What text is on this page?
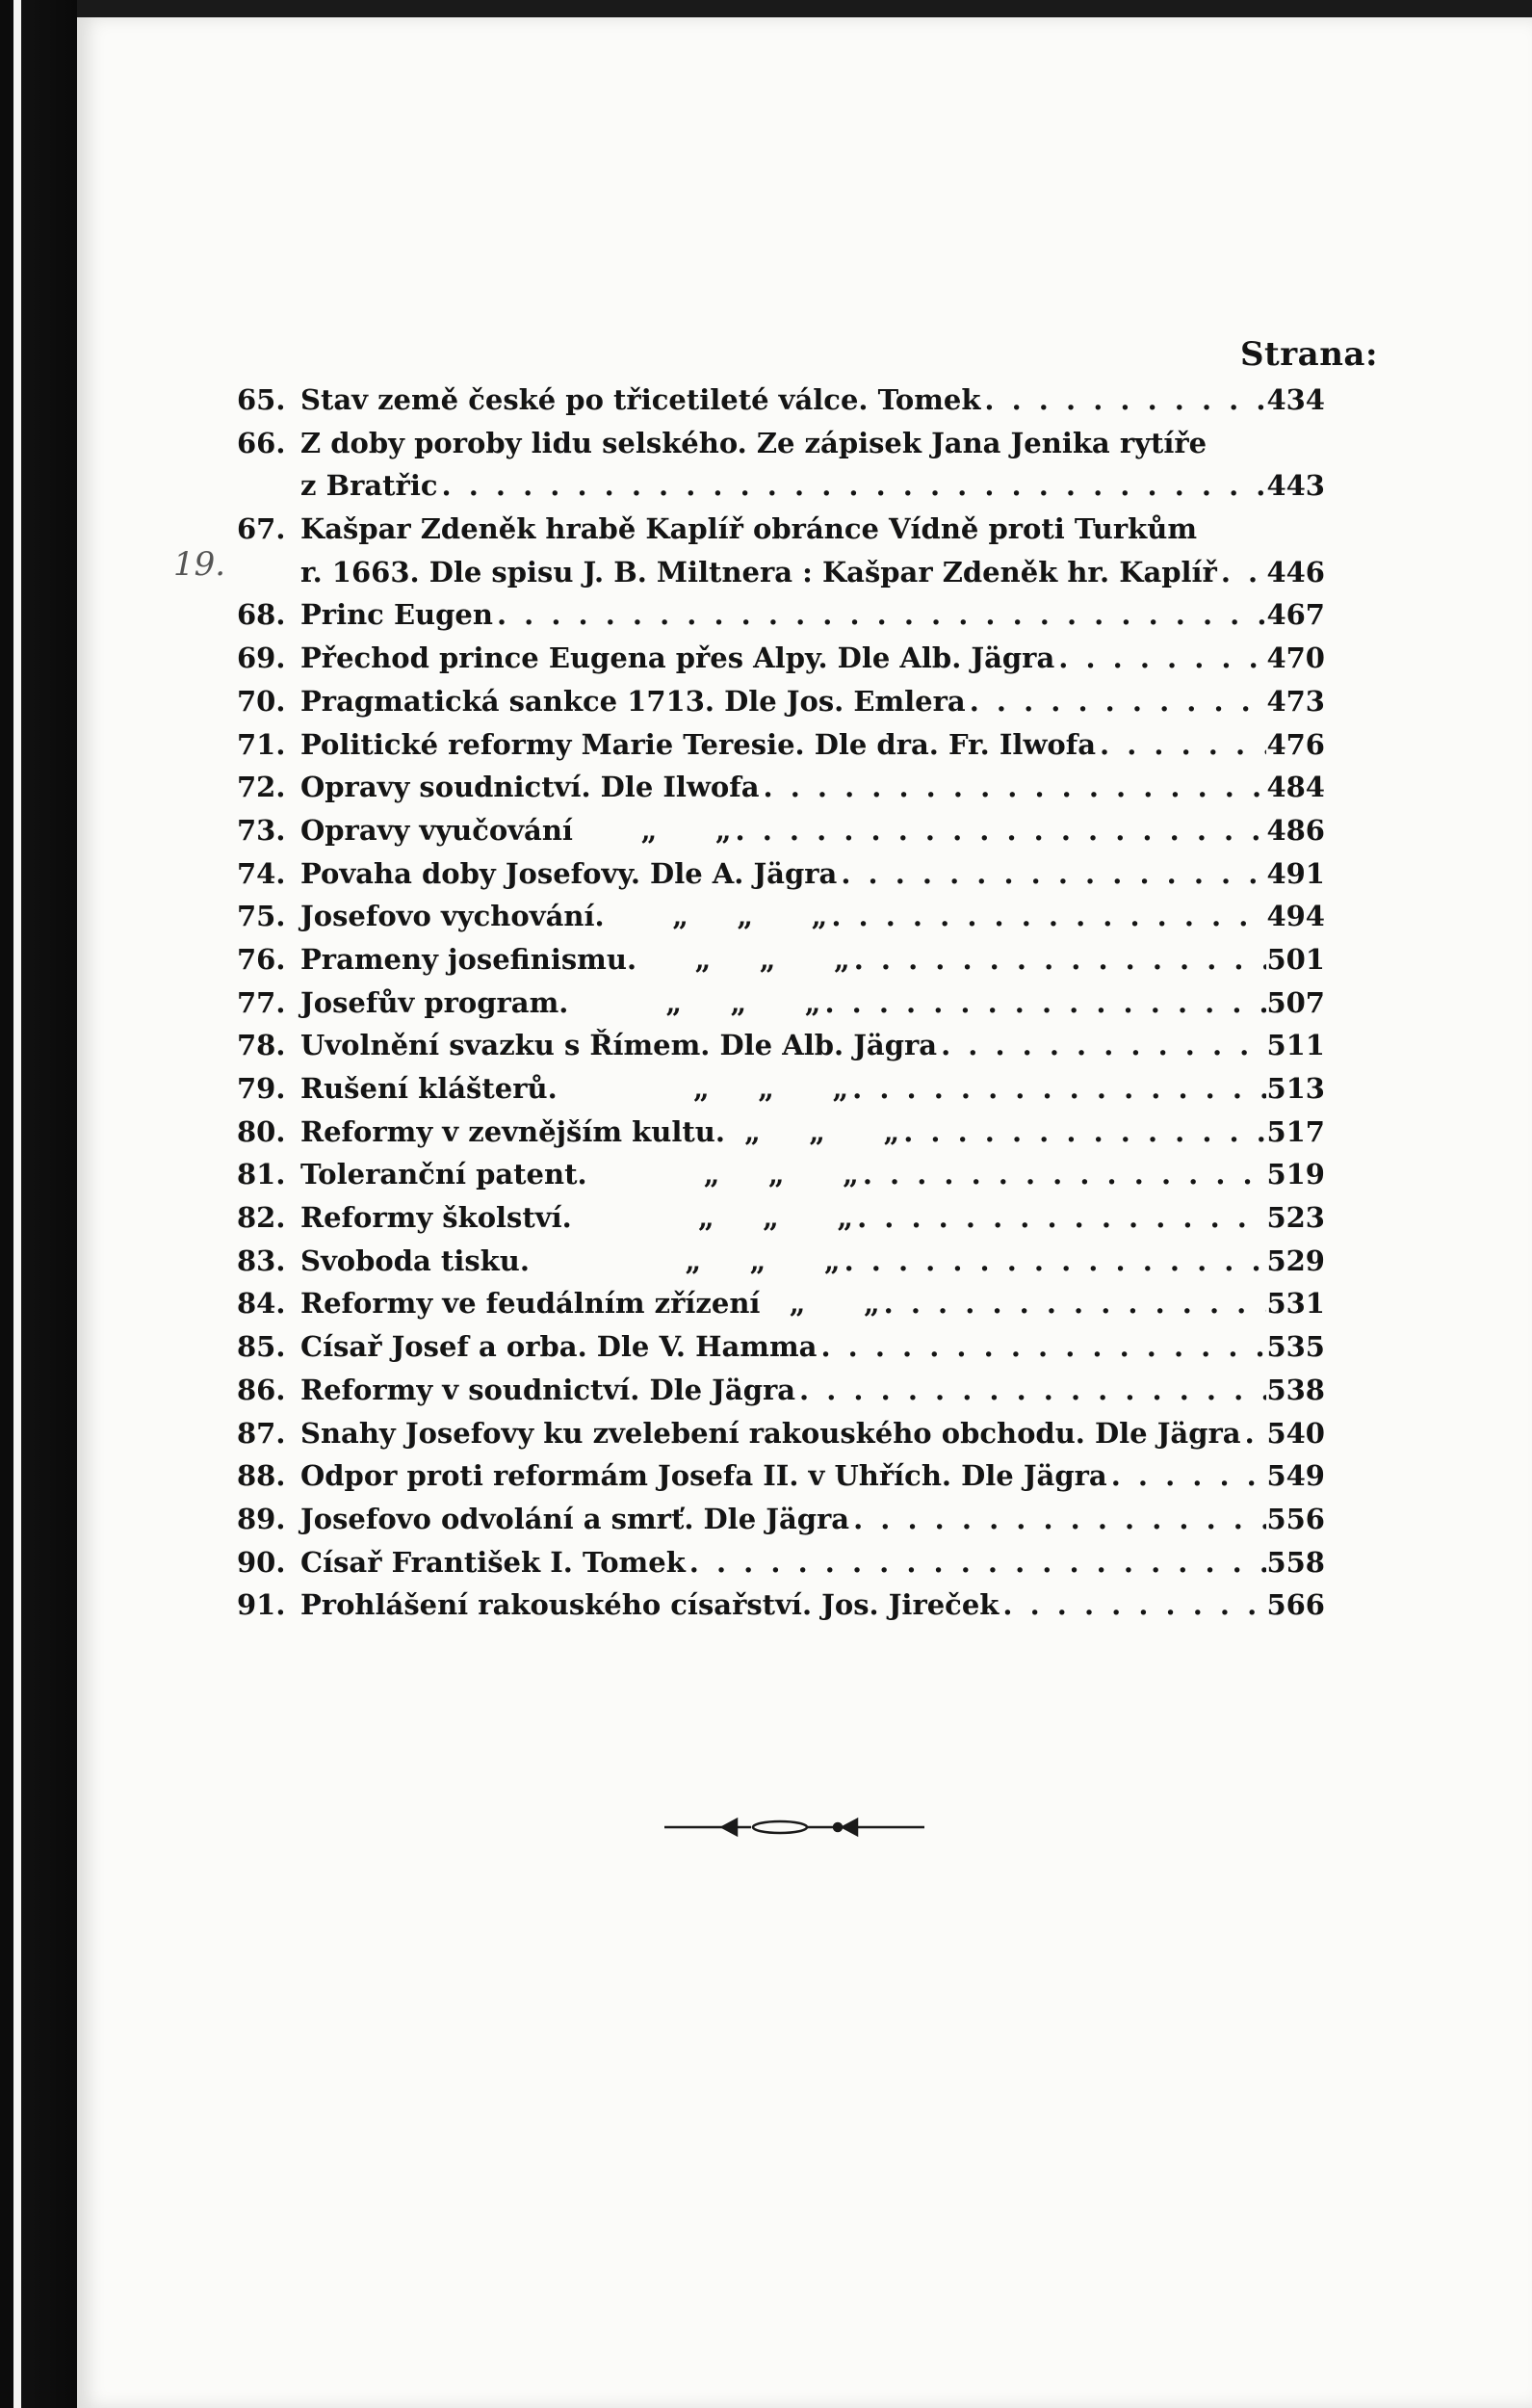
Strana:
19.
65. Stav země české po třicetileté válce. Tomek . . .	434
66. Z doby poroby lidu selského. Ze zápisek Jana Jenika rytíře
z Bratřic . . .	443
67. Kašpar Zdeněk hrabě Kaplíř obránce Vídně proti Turkům
r. 1663. Dle spisu J. B. Miltnera : Kašpar Zdeněk hr. Kaplíř . . . 446
68. Princ Eugen . . .	467
69. Přechod prince Eugena přes Alpy. Dle Alb. Jägra . . .	470
70. Pragmatická sankce 1713. Dle Jos. Emlera . . .	473
71. Politické reformy Marie Teresie. Dle dra. Fr. Ilwofa . . .	476
72. Opravy soudnictví. Dle Ilwofa . . .	484
73. Opravy vyučování       „      „ . . .	486
74. Povaha doby Josefovy. Dle A. Jägra . . .	491
75. Josefovo vychování.       „     „      „ . . .	494
76. Prameny josefinismu.      „     „      „ . . .	501
77. Josefův program.          „     „      „ . . .	507
78. Uvolnění svazku s Římem. Dle Alb. Jägra . . .	511
79. Rušení klášterů.              „     „      „ . . .	513
80. Reformy v zevnějším kultu.  „     „      „ . . .	517
81. Toleranční patent.            „     „      „ . . .	519
82. Reformy školství.             „     „      „ . . .	523
83. Svoboda tisku.                „     „      „ . . .	529
84. Reformy ve feudálním zřízení   „      „ . . .	531
85. Císař Josef a orba. Dle V. Hamma . . .	535
86. Reformy v soudnictví. Dle Jägra . . .	538
87. Snahy Josefovy ku zvelebení rakouského obchodu. Dle Jägra . . . 540
88. Odpor proti reformám Josefa II. v Uhřích. Dle Jägra . . .	549
89. Josefovo odvolání a smrť. Dle Jägra . . .	556
90. Císař František I. Tomek . . .	558
91. Prohlášení rakouského císařství. Jos. Jireček . . .	566
